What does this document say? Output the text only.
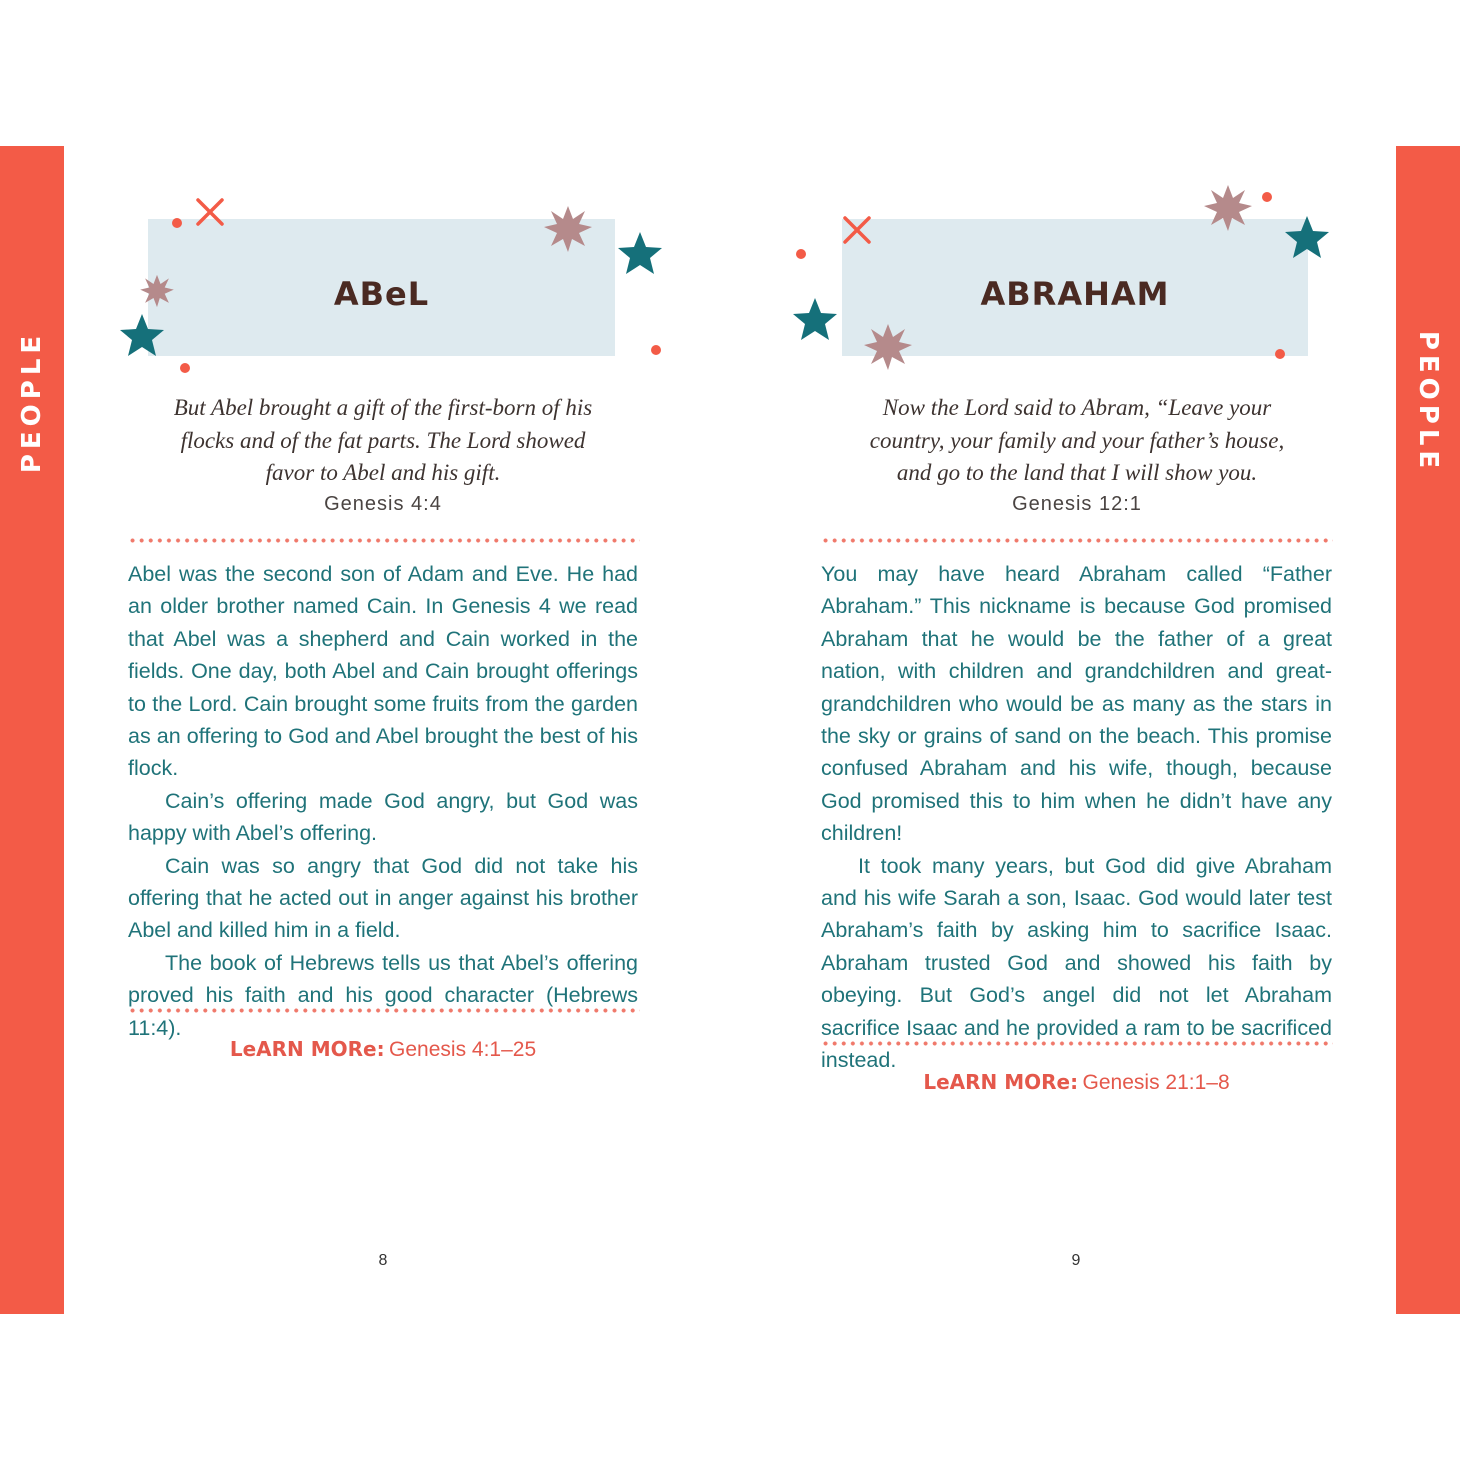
PEOPLE	PEOPLE
ABeL	ABRAHAM
But Abel brought a gift of the first-born of his flocks and of the fat parts. The Lord showed favor to Abel and his gift.
Genesis 4:4
Now the Lord said to Abram, “Leave your country, your family and your father’s house, and go to the land that I will show you.
Genesis 12:1

Abel was the second son of Adam and Eve. He had an older brother named Cain. In Genesis 4 we read that Abel was a shepherd and Cain worked in the fields. One day, both Abel and Cain brought offerings to the Lord. Cain brought some fruits from the garden as an offering to God and Abel brought the best of his flock.

Cain’s offering made God angry, but God was happy with Abel’s offering.

Cain was so angry that God did not take his offering that he acted out in anger against his brother Abel and killed him in a field.

The book of Hebrews tells us that Abel’s offering proved his faith and his good character (Hebrews 11:4).

You may have heard Abraham called “Father Abraham.” This nickname is because God promised Abraham that he would be the father of a great nation, with children and grandchildren and great-grandchildren who would be as many as the stars in the sky or grains of sand on the beach. This promise confused Abraham and his wife, though, because God promised this to him when he didn’t have any children!

It took many years, but God did give Abraham and his wife Sarah a son, Isaac. God would later test Abraham’s faith by asking him to sacrifice Isaac. Abraham trusted God and showed his faith by obeying. But God’s angel did not let Abraham sacrifice Isaac and he provided a ram to be sacrificed instead.

LeARN MORe: Genesis 4:1–25
LeARN MORe: Genesis 21:1–8
8	9
